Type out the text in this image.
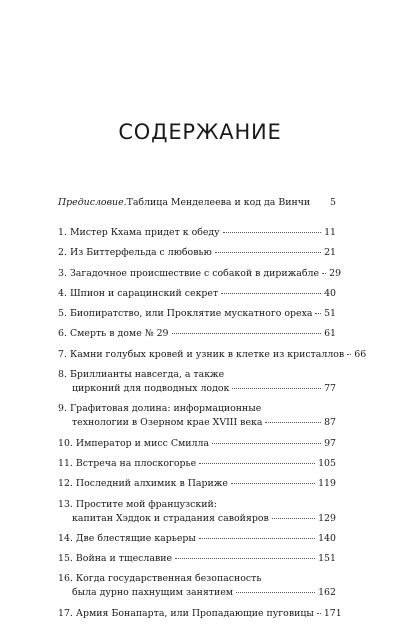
СОДЕРЖАНИЕ
Предисловие. Таблица Менделеева и код да Винчи	5
1. Мистер Кхама придет к обеду	11
2. Из Биттерфельда с любовью	21
3. Загадочное происшествие с собакой в дирижабле 29
4. Шпион и сарацинский секрет	40
5. Биопиратство, или Проклятие мускатного ореха 51
6. Смерть в доме № 29	61
7. Камни голубых кровей и узник в клетке из кристаллов 66
8. Бриллианты навсегда, а также
цирконий для подводных лодок	77
9. Графитовая долина: информационные
технологии в Озерном крае XVIII века	87
10. Император и мисс Смилла	97
11. Встреча на плоскогорье	105
12. Последний алхимик в Париже	119
13. Простите мой французский:
капитан Хэддок и страдания савойяров	129
14. Две блестящие карьеры	140
15. Война и тщеславие	151
16. Когда государственная безопасность
была дурно пахнущим занятием	162
17. Армия Бонапарта, или Пропадающие пуговицы 171
